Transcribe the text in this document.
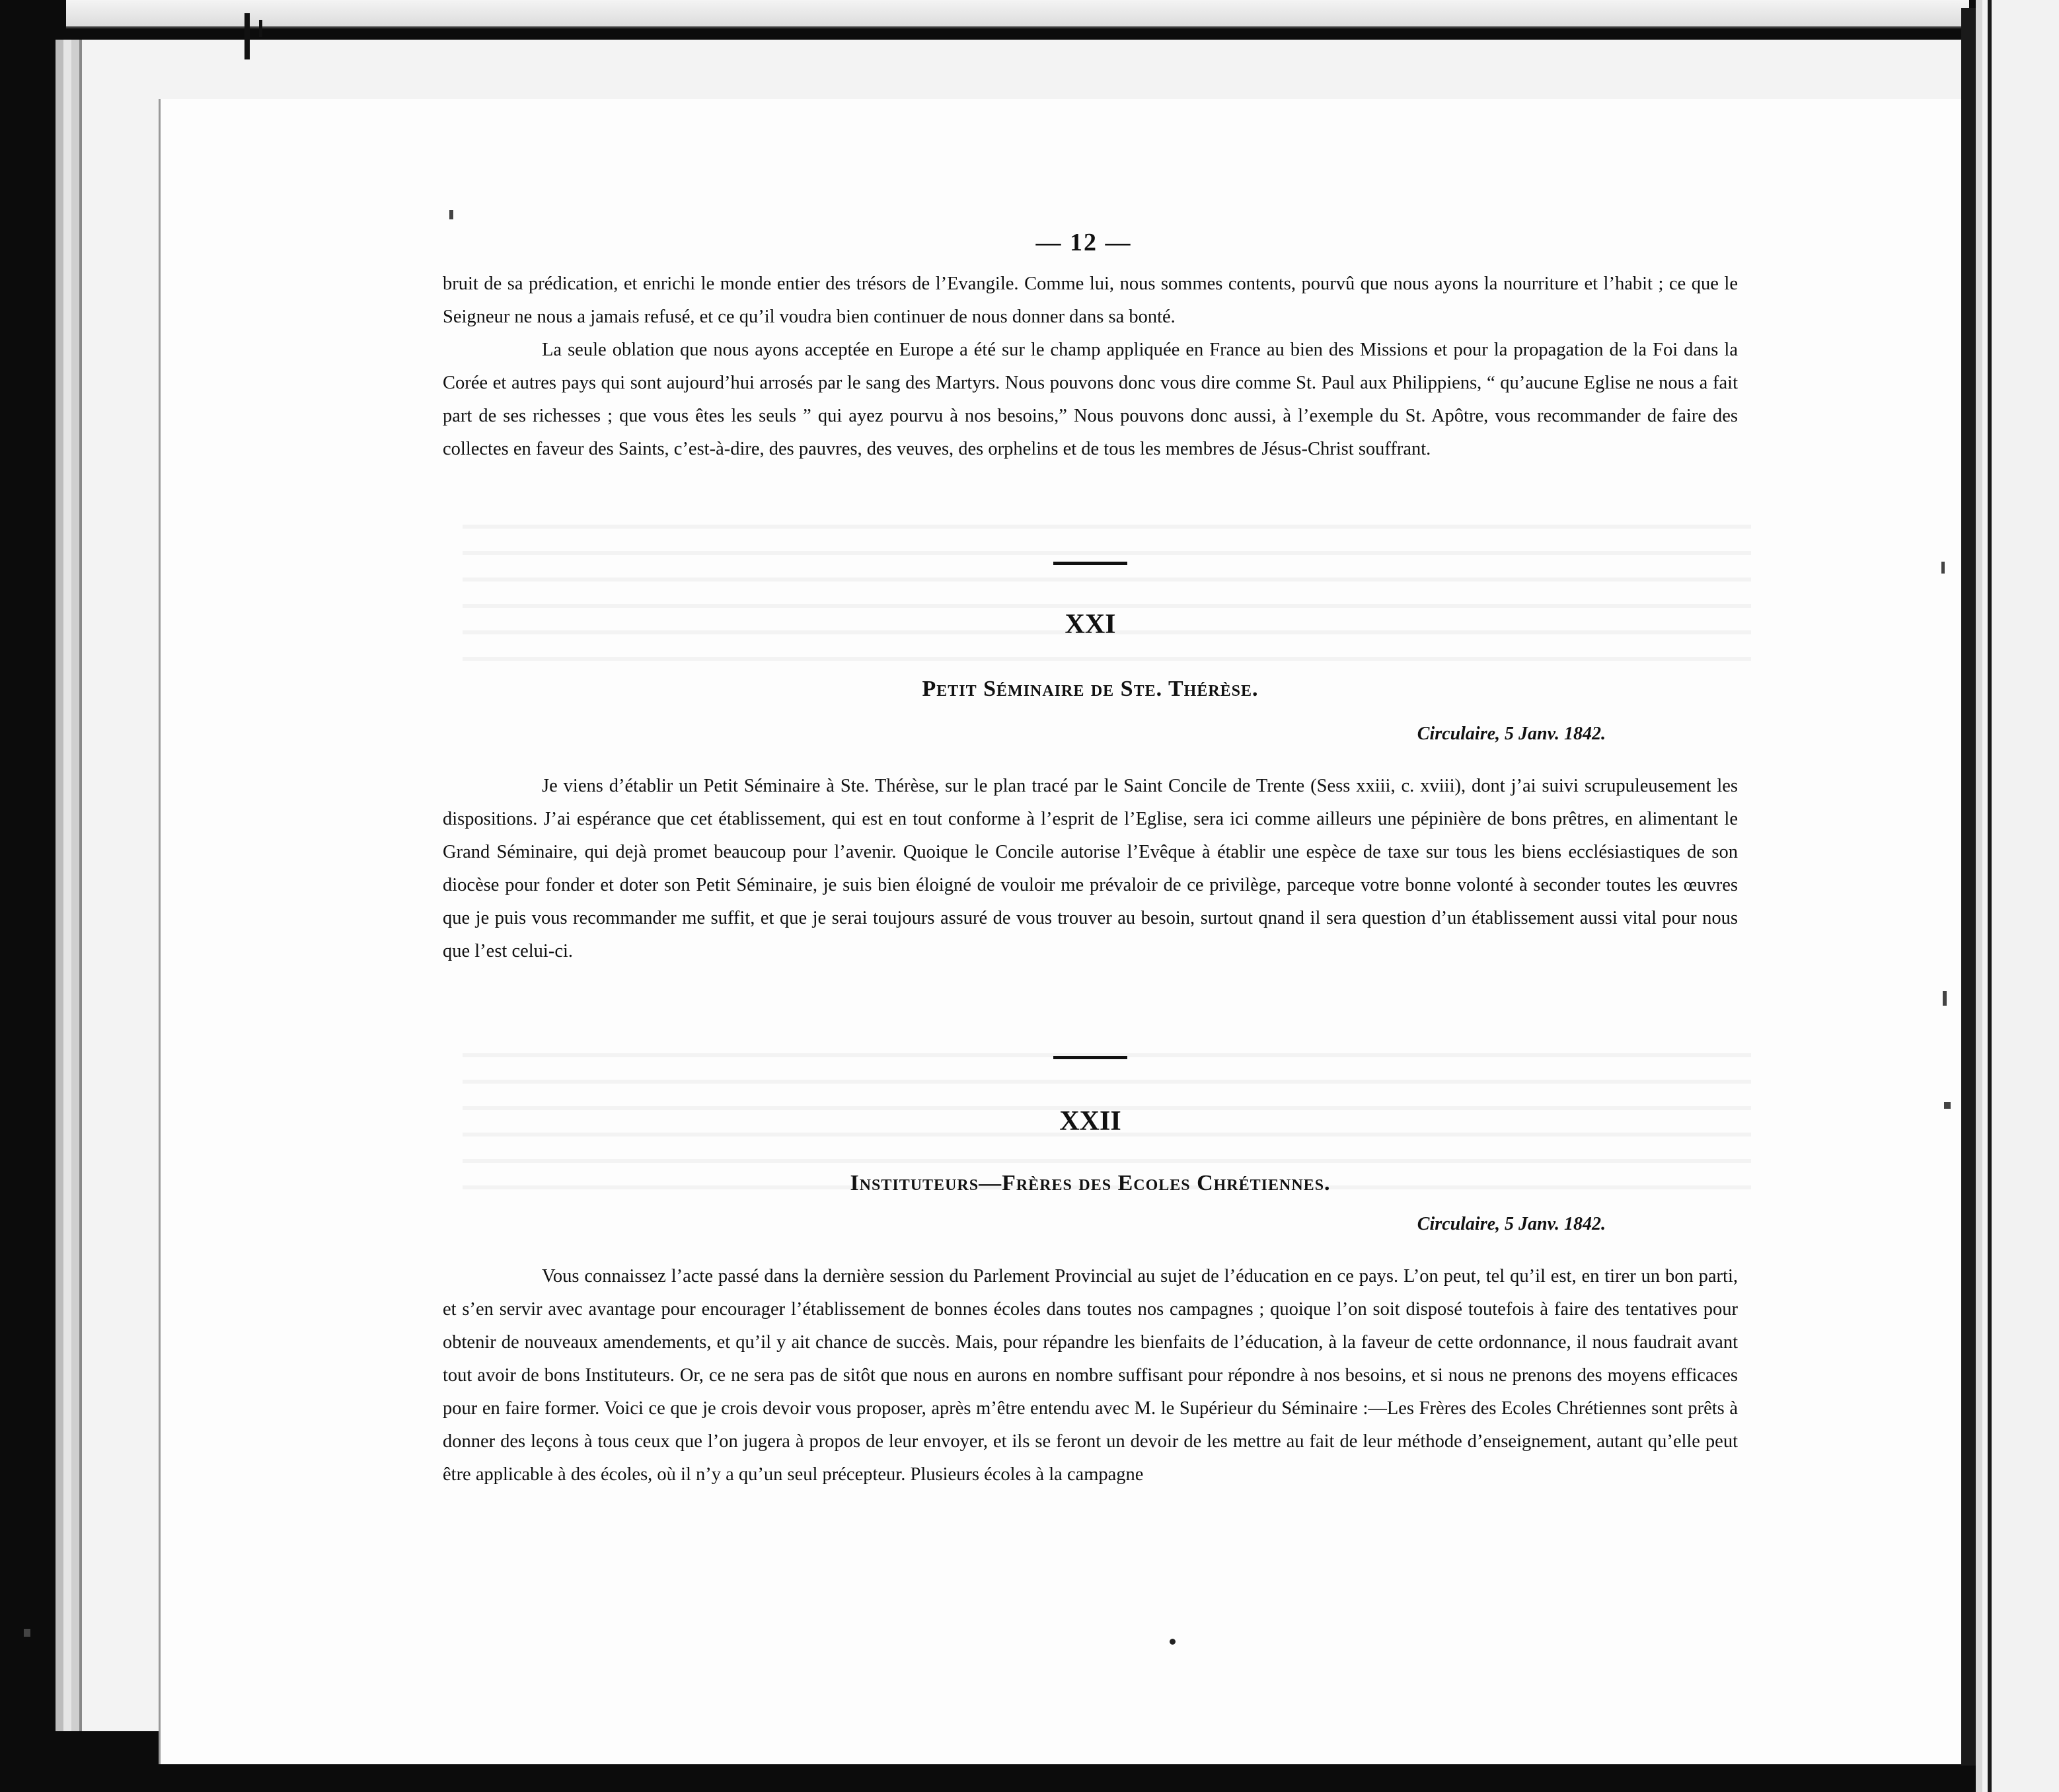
— 12 —

bruit de sa prédication, et enrichi le monde entier des trésors de l’Evangile. Comme lui, nous sommes contents, pourvû que nous ayons la nourriture et l’habit ; ce que le Seigneur ne nous a jamais refusé, et ce qu’il voudra bien continuer de nous donner dans sa bonté.

La seule oblation que nous ayons acceptée en Europe a été sur le champ appliquée en France au bien des Missions et pour la propagation de la Foi dans la Corée et autres pays qui sont aujourd’hui arrosés par le sang des Martyrs. Nous pouvons donc vous dire comme St. Paul aux Philippiens, “ qu’aucune Eglise ne nous a fait part de ses richesses ; que vous êtes les seuls ” qui ayez pourvu à nos besoins,” Nous pouvons donc aussi, à l’exemple du St. Apôtre, vous recommander de faire des collectes en faveur des Saints, c’est-à-dire, des pauvres, des veuves, des orphelins et de tous les membres de Jésus-Christ souffrant.

XXI
Petit Séminaire de Ste. Thérèse.
Circulaire, 5 Janv. 1842.

Je viens d’établir un Petit Séminaire à Ste. Thérèse, sur le plan tracé par le Saint Concile de Trente (Sess xxiii, c. xviii), dont j’ai suivi scrupuleusement les dispositions. J’ai espérance que cet établissement, qui est en tout conforme à l’esprit de l’Eglise, sera ici comme ailleurs une pépinière de bons prêtres, en alimentant le Grand Séminaire, qui dejà promet beaucoup pour l’avenir. Quoique le Concile autorise l’Evêque à établir une espèce de taxe sur tous les biens ecclésiastiques de son diocèse pour fonder et doter son Petit Séminaire, je suis bien éloigné de vouloir me prévaloir de ce privilège, parceque votre bonne volonté à seconder toutes les œuvres que je puis vous recommander me suffit, et que je serai toujours assuré de vous trouver au besoin, surtout qnand il sera question d’un établissement aussi vital pour nous que l’est celui-ci.

XXII
Instituteurs—Frères des Ecoles Chrétiennes.
Circulaire, 5 Janv. 1842.

Vous connaissez l’acte passé dans la dernière session du Parlement Provincial au sujet de l’éducation en ce pays. L’on peut, tel qu’il est, en tirer un bon parti, et s’en servir avec avantage pour encourager l’établissement de bonnes écoles dans toutes nos campagnes ; quoique l’on soit disposé toutefois à faire des tentatives pour obtenir de nouveaux amendements, et qu’il y ait chance de succès. Mais, pour répandre les bienfaits de l’éducation, à la faveur de cette ordonnance, il nous faudrait avant tout avoir de bons Instituteurs. Or, ce ne sera pas de sitôt que nous en aurons en nombre suffisant pour répondre à nos besoins, et si nous ne prenons des moyens efficaces pour en faire former. Voici ce que je crois devoir vous proposer, après m’être entendu avec M. le Supérieur du Séminaire :—Les Frères des Ecoles Chrétiennes sont prêts à donner des leçons à tous ceux que l’on jugera à propos de leur envoyer, et ils se feront un devoir de les mettre au fait de leur méthode d’enseignement, autant qu’elle peut être applicable à des écoles, où il n’y a qu’un seul précepteur. Plusieurs écoles à la campagne
